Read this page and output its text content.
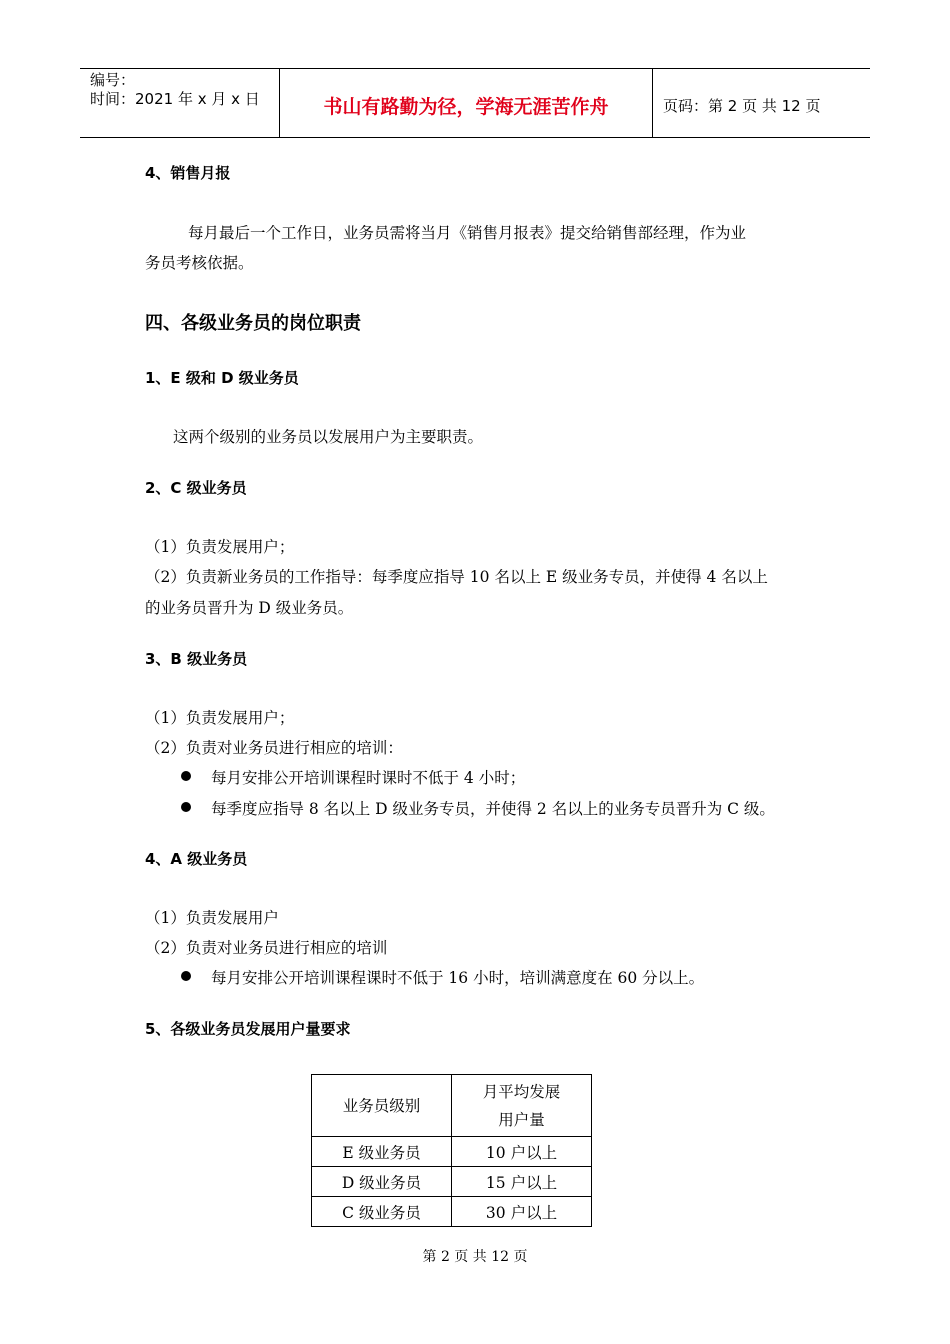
编号：
时间：2021 年 x 月 x 日	书山有路勤为径，学海无涯苦作舟	页码：第 2 页 共 12 页
4、销售月报
每月最后一个工作日，业务员需将当月《销售月报表》提交给销售部经理，作为业
务员考核依据。
四、各级业务员的岗位职责
1、E 级和 D 级业务员
这两个级别的业务员以发展用户为主要职责。
2、C 级业务员
（1）负责发展用户；
（2）负责新业务员的工作指导：每季度应指导 10 名以上 E 级业务专员，并使得 4 名以上
的业务员晋升为 D 级业务员。
3、B 级业务员
（1）负责发展用户；
（2）负责对业务员进行相应的培训：
每月安排公开培训课程时课时不低于 4 小时；
每季度应指导 8 名以上 D 级业务专员，并使得 2 名以上的业务专员晋升为 C 级。
4、A 级业务员
（1）负责发展用户
（2）负责对业务员进行相应的培训
每月安排公开培训课程课时不低于 16 小时，培训满意度在 60 分以上。
5、各级业务员发展用户量要求
业务员级别	月平均发展
用户量

E 级业务员	10 户以上
D 级业务员	15 户以上
C 级业务员	30 户以上
第 2 页 共 12 页
